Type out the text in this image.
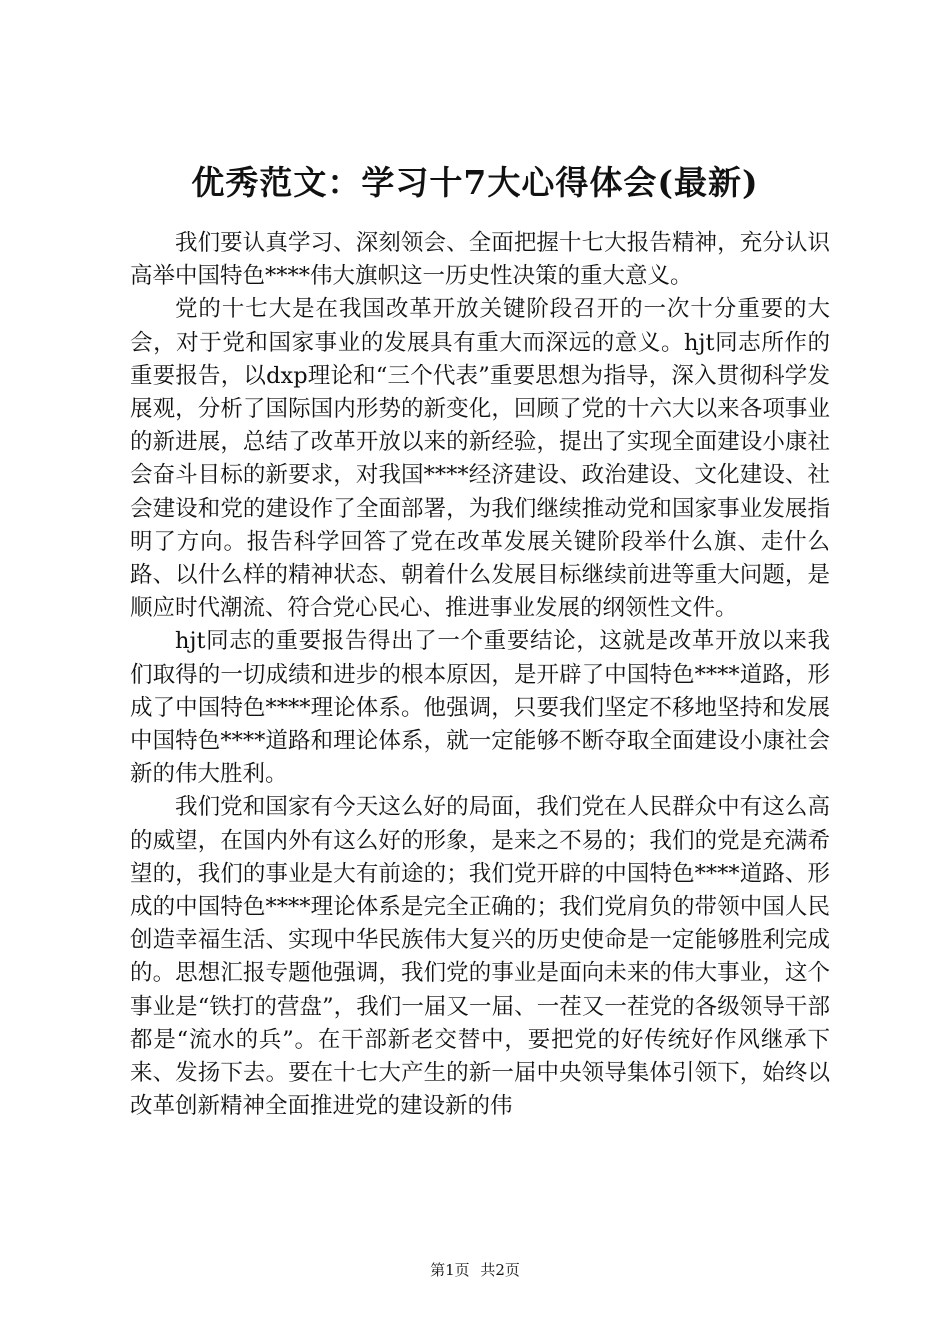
优秀范文：学习十7大心得体会(最新)

我们要认真学习、深刻领会、全面把握十七大报告精神，充分认识高举中国特色****伟大旗帜这一历史性决策的重大意义。

党的十七大是在我国改革开放关键阶段召开的一次十分重要的大会，对于党和国家事业的发展具有重大而深远的意义。hjt同志所作的重要报告，以dxp理论和“三个代表”重要思想为指导，深入贯彻科学发展观，分析了国际国内形势的新变化，回顾了党的十六大以来各项事业的新进展，总结了改革开放以来的新经验，提出了实现全面建设小康社会奋斗目标的新要求，对我国****经济建设、政治建设、文化建设、社会建设和党的建设作了全面部署，为我们继续推动党和国家事业发展指明了方向。报告科学回答了党在改革发展关键阶段举什么旗、走什么路、以什么样的精神状态、朝着什么发展目标继续前进等重大问题，是顺应时代潮流、符合党心民心、推进事业发展的纲领性文件。

hjt同志的重要报告得出了一个重要结论，这就是改革开放以来我们取得的一切成绩和进步的根本原因，是开辟了中国特色****道路，形成了中国特色****理论体系。他强调，只要我们坚定不移地坚持和发展中国特色****道路和理论体系，就一定能够不断夺取全面建设小康社会新的伟大胜利。

我们党和国家有今天这么好的局面，我们党在人民群众中有这么高的威望，在国内外有这么好的形象，是来之不易的；我们的党是充满希望的，我们的事业是大有前途的；我们党开辟的中国特色****道路、形成的中国特色****理论体系是完全正确的；我们党肩负的带领中国人民创造幸福生活、实现中华民族伟大复兴的历史使命是一定能够胜利完成的。思想汇报专题他强调，我们党的事业是面向未来的伟大事业，这个事业是“铁打的营盘”，我们一届又一届、一茬又一茬党的各级领导干部都是“流水的兵”。在干部新老交替中，要把党的好传统好作风继承下来、发扬下去。要在十七大产生的新一届中央领导集体引领下，始终以改革创新精神全面推进党的建设新的伟

第1页 共2页
